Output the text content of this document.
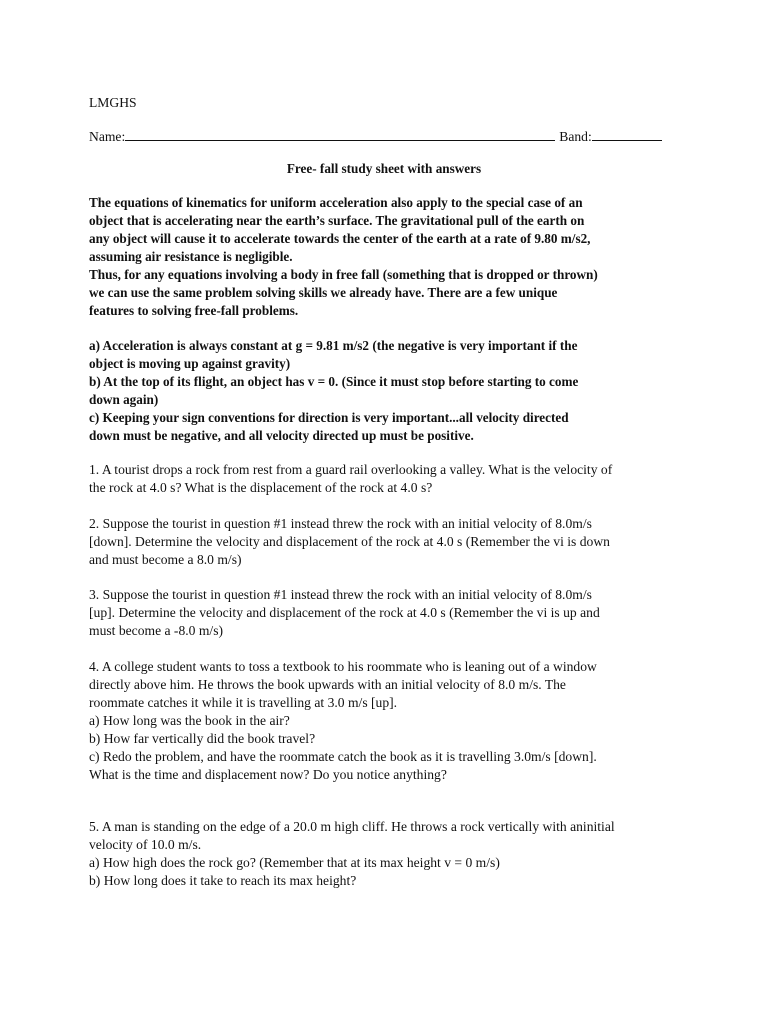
LMGHS
Name:	Band:
Free- fall study sheet with answers
The equations of kinematics for uniform acceleration also apply to the special case of an
object that is accelerating near the earth’s surface. The gravitational pull of the earth on
any object will cause it to accelerate towards the center of the earth at a rate of 9.80 m/s2,
assuming air resistance is negligible.
Thus, for any equations involving a body in free fall (something that is dropped or thrown)
we can use the same problem solving skills we already have. There are a few unique
features to solving free-fall problems.
a) Acceleration is always constant at g = 9.81 m/s2 (the negative is very important if the
object is moving up against gravity)
b) At the top of its flight, an object has v = 0. (Since it must stop before starting to come
down again)
c) Keeping your sign conventions for direction is very important...all velocity directed
down must be negative, and all velocity directed up must be positive.
1. A tourist drops a rock from rest from a guard rail overlooking a valley. What is the velocity of
the rock at 4.0 s? What is the displacement of the rock at 4.0 s?
2. Suppose the tourist in question #1 instead threw the rock with an initial velocity of 8.0m/s
[down]. Determine the velocity and displacement of the rock at 4.0 s (Remember the vi is down
and must become a 8.0 m/s)
3. Suppose the tourist in question #1 instead threw the rock with an initial velocity of 8.0m/s
[up]. Determine the velocity and displacement of the rock at 4.0 s (Remember the vi is up and
must become a -8.0 m/s)
4. A college student wants to toss a textbook to his roommate who is leaning out of a window
directly above him. He throws the book upwards with an initial velocity of 8.0 m/s. The
roommate catches it while it is travelling at 3.0 m/s [up].
a) How long was the book in the air?
b) How far vertically did the book travel?
c) Redo the problem, and have the roommate catch the book as it is travelling 3.0m/s [down].
What is the time and displacement now? Do you notice anything?
5. A man is standing on the edge of a 20.0 m high cliff. He throws a rock vertically with aninitial
velocity of 10.0 m/s.
a) How high does the rock go? (Remember that at its max height v = 0 m/s)
b) How long does it take to reach its max height?
